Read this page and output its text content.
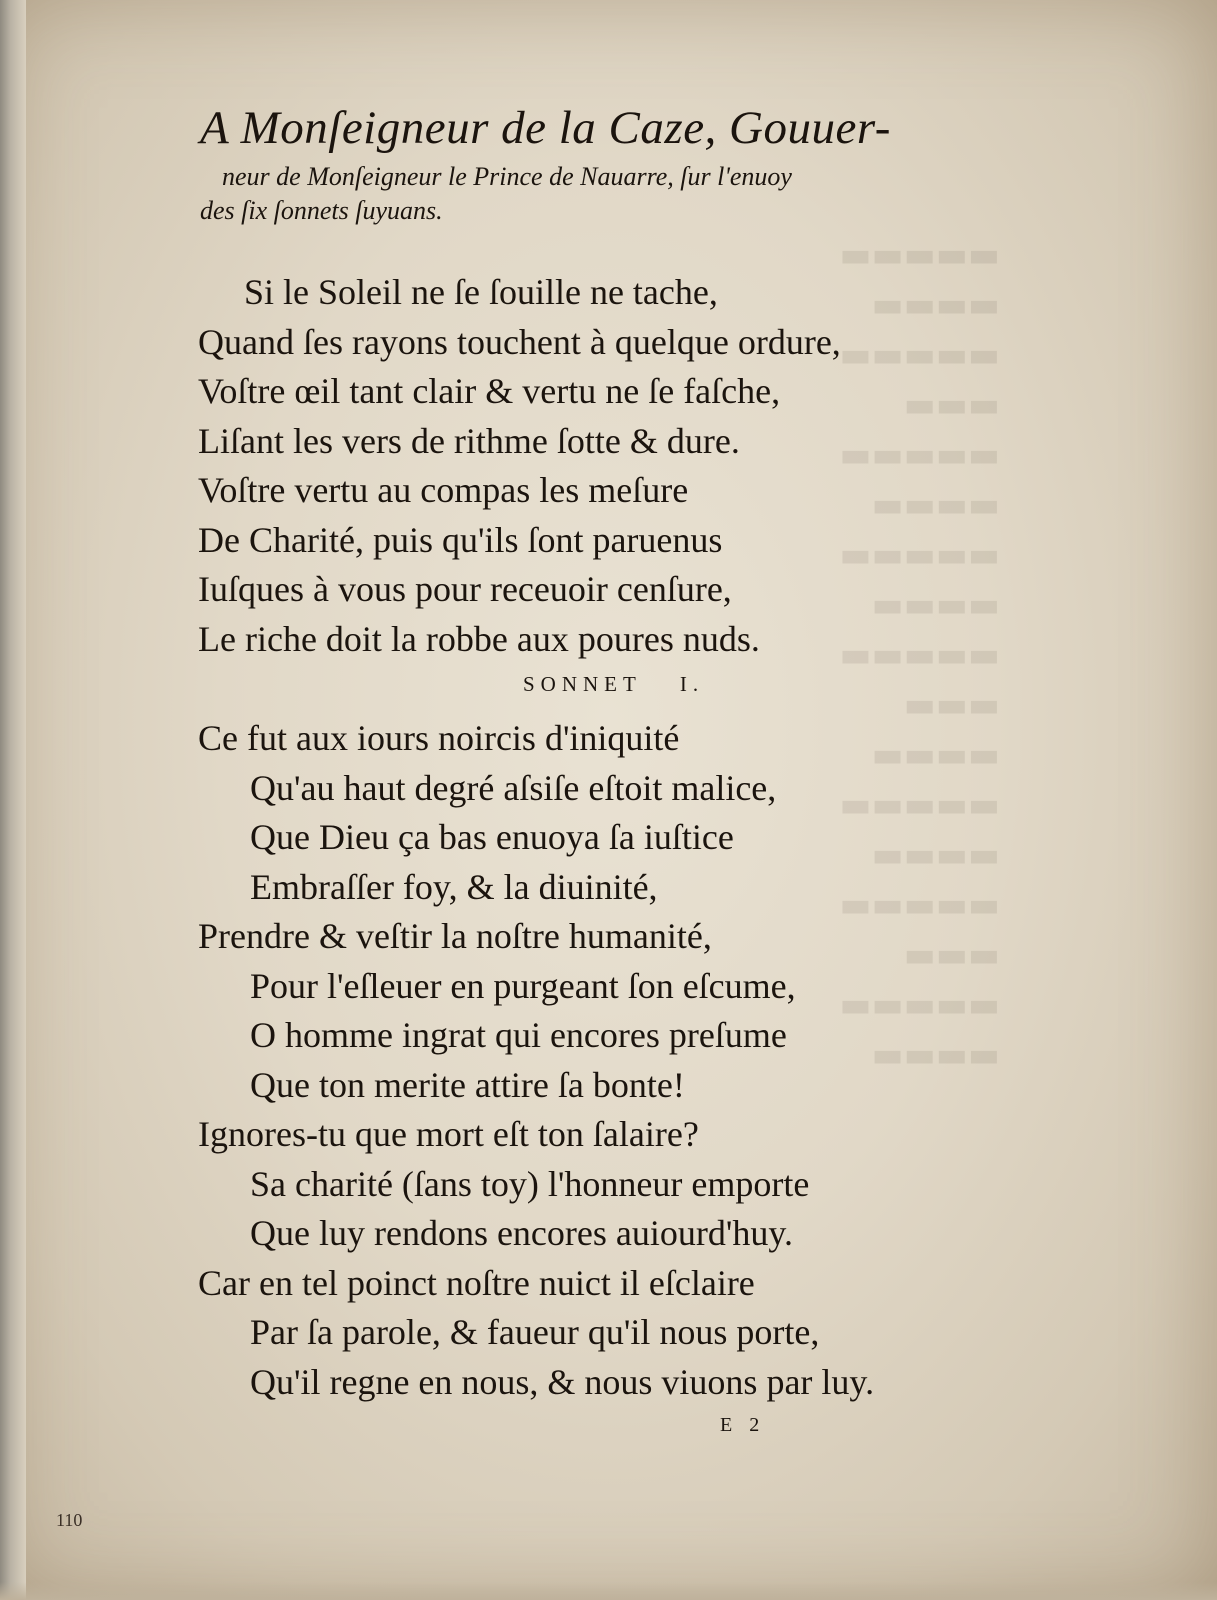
▬▬▬▬▬
▬▬▬▬
▬▬▬▬▬
▬▬▬
▬▬▬▬▬
▬▬▬▬
▬▬▬▬▬
▬▬▬▬
▬▬▬▬▬
▬▬▬
▬▬▬▬
▬▬▬▬▬
▬▬▬▬
▬▬▬▬▬
▬▬▬
▬▬▬▬▬
▬▬▬▬
A Monſeigneur de la Caze, Gouuer-
neur de Monſeigneur le Prince de Nauarre, ſur l'enuoy
des ſix ſonnets ſuyuans.
Si le Soleil ne ſe ſouille ne tache,
Quand ſes rayons touchent à quelque ordure,
Voſtre œil tant clair & vertu ne ſe faſche,
Liſant les vers de rithme ſotte & dure.
Voſtre vertu au compas les meſure
De Charité, puis qu'ils ſont paruenus
Iuſques à vous pour receuoir cenſure,
Le riche doit la robbe aux poures nuds.
SONNET I.
Ce fut aux iours noircis d'iniquité
Qu'au haut degré aſsiſe eſtoit malice,
Que Dieu ça bas enuoya ſa iuſtice
Embraſſer foy, & la diuinité,
Prendre & veſtir la noſtre humanité,
Pour l'eſleuer en purgeant ſon eſcume,
O homme ingrat qui encores preſume
Que ton merite attire ſa bonte!
Ignores-tu que mort eſt ton ſalaire?
Sa charité (ſans toy) l'honneur emporte
Que luy rendons encores auiourd'huy.
Car en tel poinct noſtre nuict il eſclaire
Par ſa parole, & faueur qu'il nous porte,
Qu'il regne en nous, & nous viuons par luy.
E 2
110
